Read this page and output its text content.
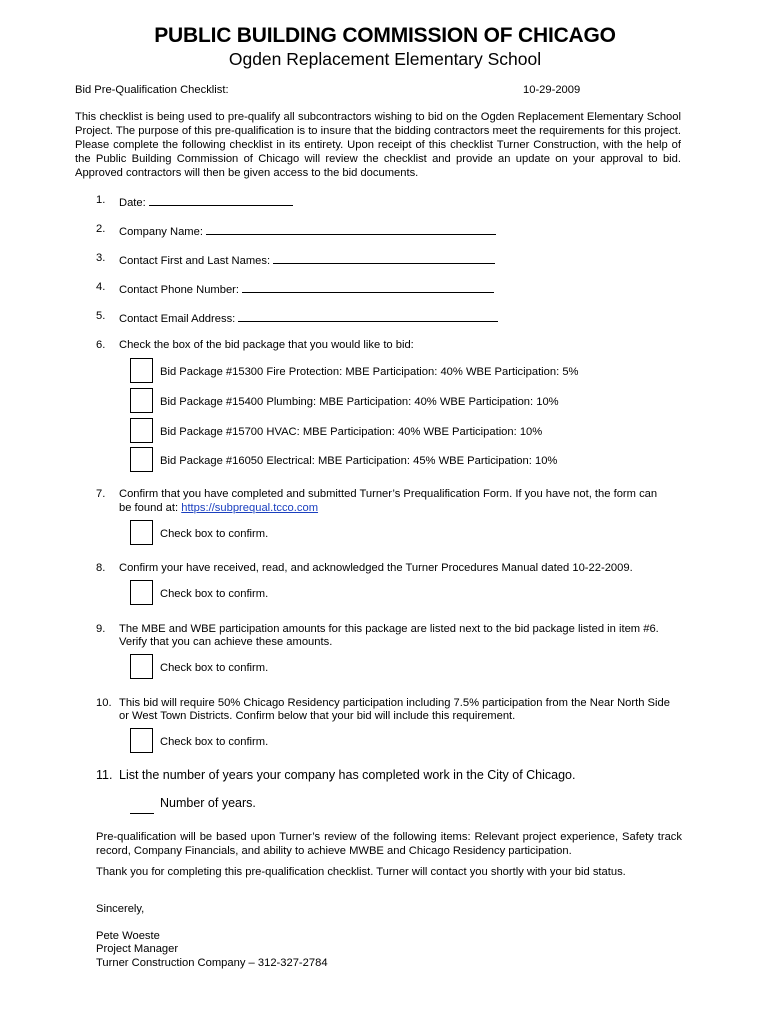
PUBLIC BUILDING COMMISSION OF CHICAGO
Ogden Replacement Elementary School
Bid Pre-Qualification Checklist:	10-29-2009
This checklist is being used to pre-qualify all subcontractors wishing to bid on the Ogden Replacement Elementary School Project. The purpose of this pre-qualification is to insure that the bidding contractors meet the requirements for this project. Please complete the following checklist in its entirety. Upon receipt of this checklist Turner Construction, with the help of the Public Building Commission of Chicago will review the checklist and provide an update on your approval to bid. Approved contractors will then be given access to the bid documents.
1. Date:
2. Company Name:
3. Contact First and Last Names:
4. Contact Phone Number:
5. Contact Email Address:
6. Check the box of the bid package that you would like to bid:
Bid Package #15300 Fire Protection: MBE Participation: 40% WBE Participation: 5%
Bid Package #15400 Plumbing: MBE Participation: 40% WBE Participation: 10%
Bid Package #15700 HVAC: MBE Participation: 40% WBE Participation: 10%
Bid Package #16050 Electrical: MBE Participation: 45% WBE Participation: 10%
7. Confirm that you have completed and submitted Turner’s Prequalification Form. If you have not, the form can
be found at: https://subprequal.tcco.com
Check box to confirm.
8. Confirm your have received, read, and acknowledged the Turner Procedures Manual dated 10-22-2009.
Check box to confirm.
9. The MBE and WBE participation amounts for this package are listed next to the bid package listed in item #6.
Verify that you can achieve these amounts.
Check box to confirm.
10. This bid will require 50% Chicago Residency participation including 7.5% participation from the Near North Side
or West Town Districts. Confirm below that your bid will include this requirement.
Check box to confirm.
11. List the number of years your company has completed work in the City of Chicago.
Number of years.
Pre-qualification will be based upon Turner’s review of the following items: Relevant project experience, Safety track record, Company Financials, and ability to achieve MWBE and Chicago Residency participation.
Thank you for completing this pre-qualification checklist. Turner will contact you shortly with your bid status.
Sincerely,
Pete Woeste
Project Manager
Turner Construction Company – 312-327-2784
